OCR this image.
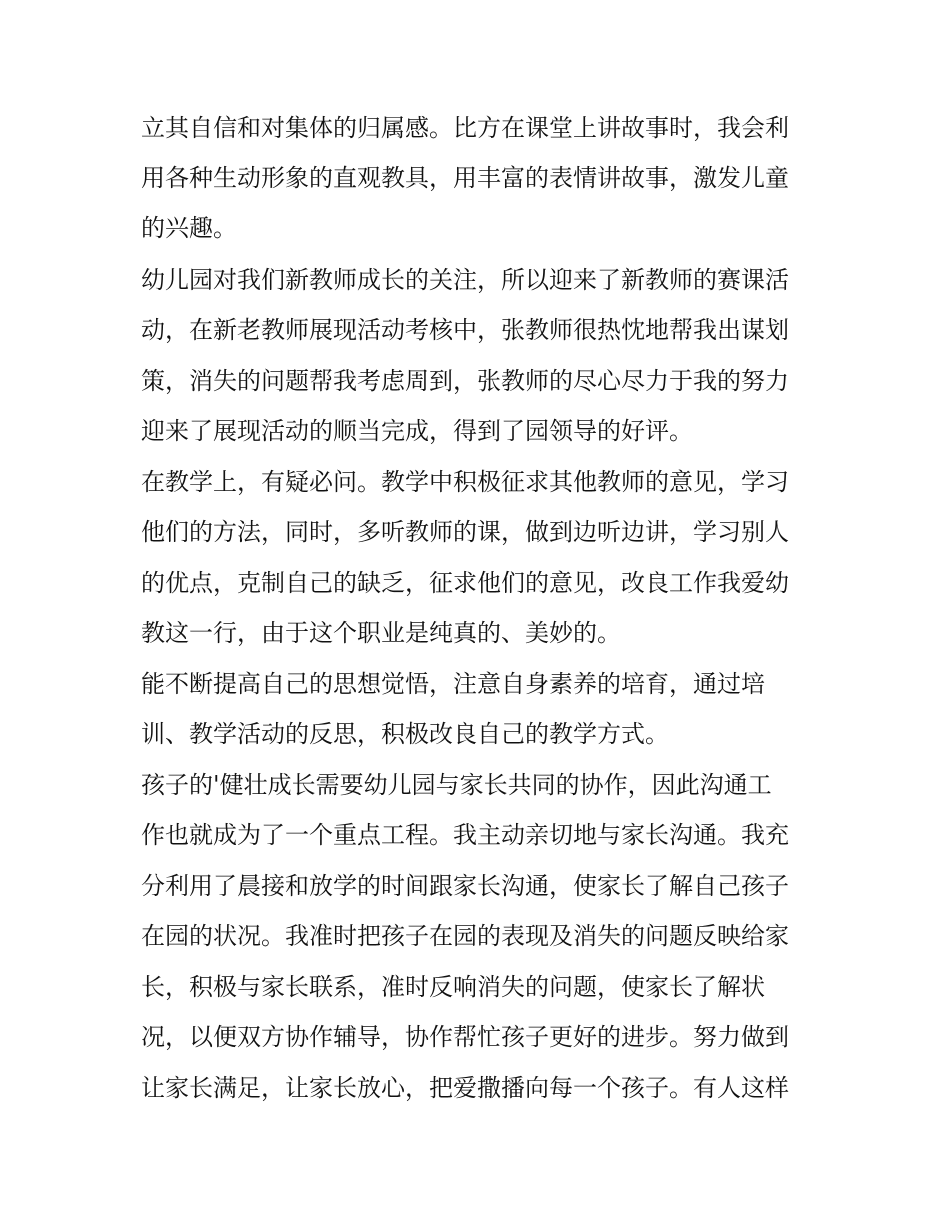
立其自信和对集体的归属感。比方在课堂上讲故事时，我会利
用各种生动形象的直观教具，用丰富的表情讲故事，激发儿童
的兴趣。
幼儿园对我们新教师成长的关注，所以迎来了新教师的赛课活
动，在新老教师展现活动考核中，张教师很热忱地帮我出谋划
策，消失的问题帮我考虑周到，张教师的尽心尽力于我的努力
迎来了展现活动的顺当完成，得到了园领导的好评。
在教学上，有疑必问。教学中积极征求其他教师的意见，学习
他们的方法，同时，多听教师的课，做到边听边讲，学习别人
的优点，克制自己的缺乏，征求他们的意见，改良工作我爱幼
教这一行，由于这个职业是纯真的、美妙的。
能不断提高自己的思想觉悟，注意自身素养的培育，通过培
训、教学活动的反思，积极改良自己的教学方式。
孩子的'健壮成长需要幼儿园与家长共同的协作，因此沟通工
作也就成为了一个重点工程。我主动亲切地与家长沟通。我充
分利用了晨接和放学的时间跟家长沟通，使家长了解自己孩子
在园的状况。我准时把孩子在园的表现及消失的问题反映给家
长，积极与家长联系，准时反响消失的问题，使家长了解状
况，以便双方协作辅导，协作帮忙孩子更好的进步。努力做到
让家长满足，让家长放心，把爱撒播向每一个孩子。有人这样
